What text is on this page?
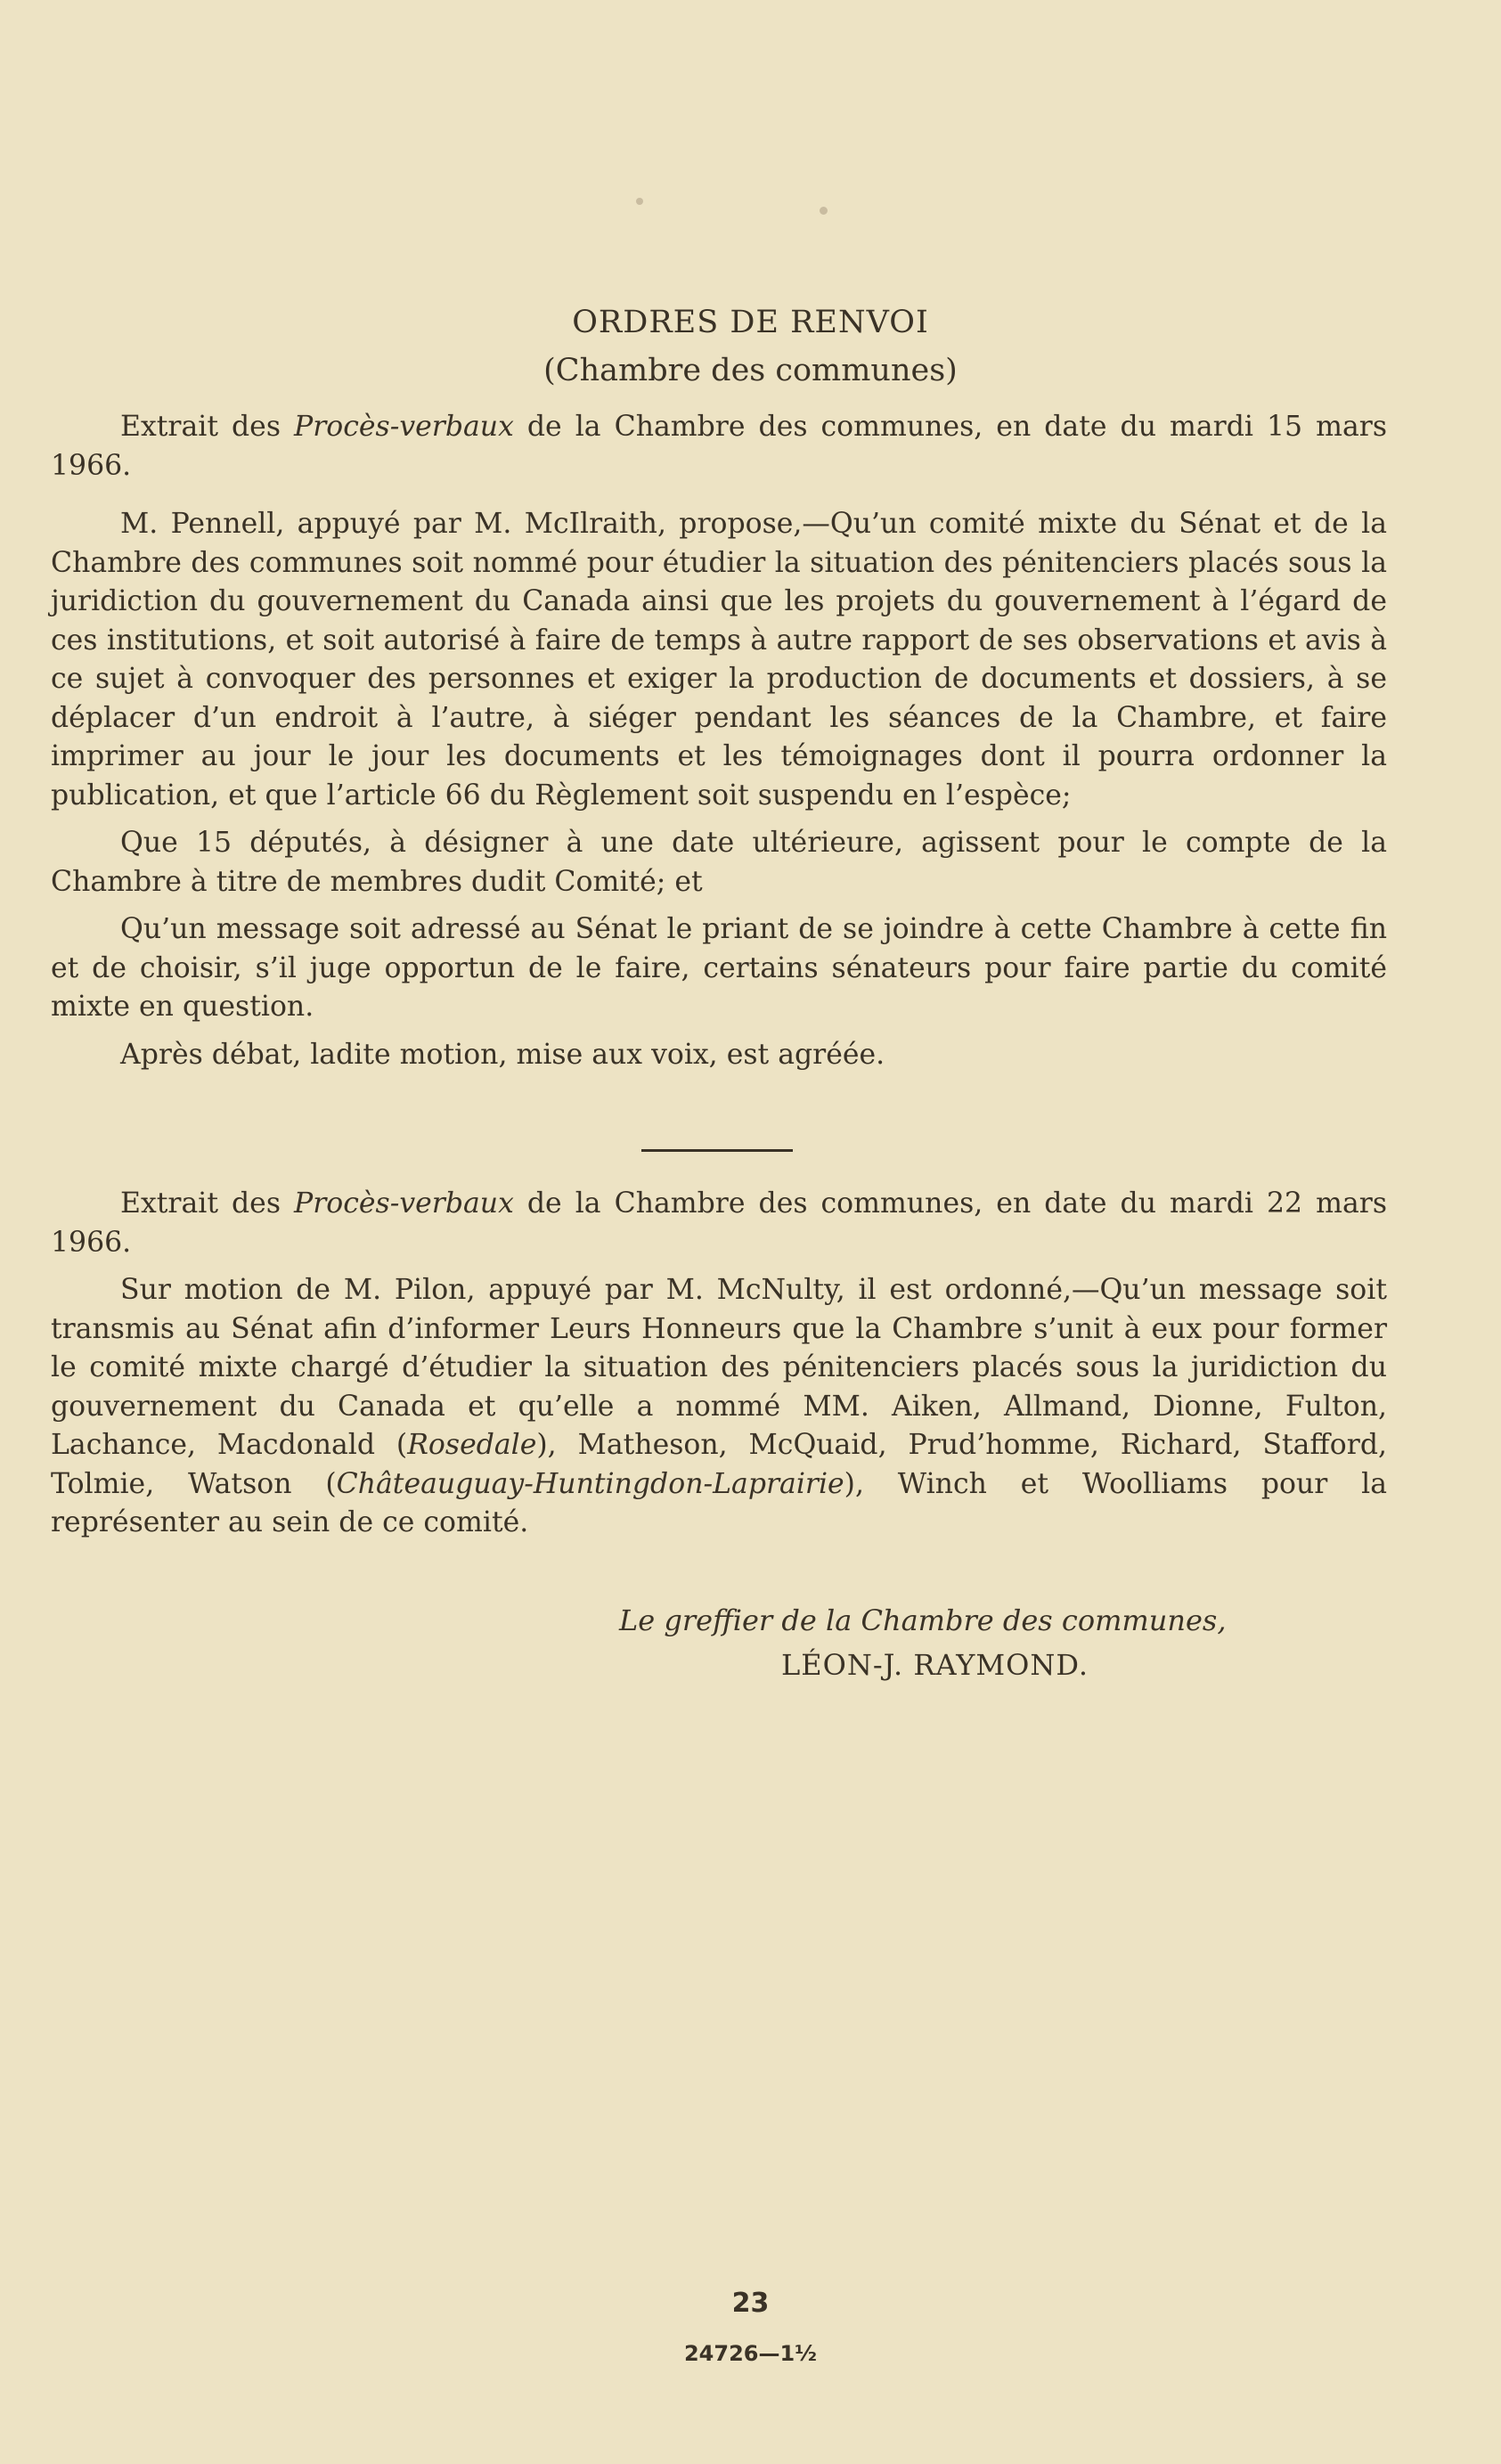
ORDRES DE RENVOI
(Chambre des communes)

Extrait des Procès-verbaux de la Chambre des communes, en date du mardi 15 mars 1966.

M. Pennell, appuyé par M. McIlraith, propose,—Qu’un comité mixte du Sénat et de la Chambre des communes soit nommé pour étudier la situation des pénitenciers placés sous la juridiction du gouvernement du Canada ainsi que les projets du gouvernement à l’égard de ces institutions, et soit autorisé à faire de temps à autre rapport de ses observations et avis à ce sujet à convoquer des personnes et exiger la production de documents et dossiers, à se déplacer d’un endroit à l’autre, à siéger pendant les séances de la Chambre, et faire imprimer au jour le jour les documents et les témoignages dont il pourra ordonner la publication, et que l’article 66 du Règlement soit suspendu en l’espèce;

Que 15 députés, à désigner à une date ultérieure, agissent pour le compte de la Chambre à titre de membres dudit Comité; et

Qu’un message soit adressé au Sénat le priant de se joindre à cette Chambre à cette fin et de choisir, s’il juge opportun de le faire, certains sénateurs pour faire partie du comité mixte en question.

Après débat, ladite motion, mise aux voix, est agréée.

Extrait des Procès-verbaux de la Chambre des communes, en date du mardi 22 mars 1966.

Sur motion de M. Pilon, appuyé par M. McNulty, il est ordonné,—Qu’un message soit transmis au Sénat afin d’informer Leurs Honneurs que la Chambre s’unit à eux pour former le comité mixte chargé d’étudier la situation des pénitenciers placés sous la juridiction du gouvernement du Canada et qu’elle a nommé MM. Aiken, Allmand, Dionne, Fulton, Lachance, Macdonald (Rosedale), Matheson, McQuaid, Prud’homme, Richard, Stafford, Tolmie, Watson (Châteauguay-Huntingdon-Laprairie), Winch et Woolliams pour la représenter au sein de ce comité.

Le greffier de la Chambre des communes,
LÉON-J. RAYMOND.
23
24726—1½
